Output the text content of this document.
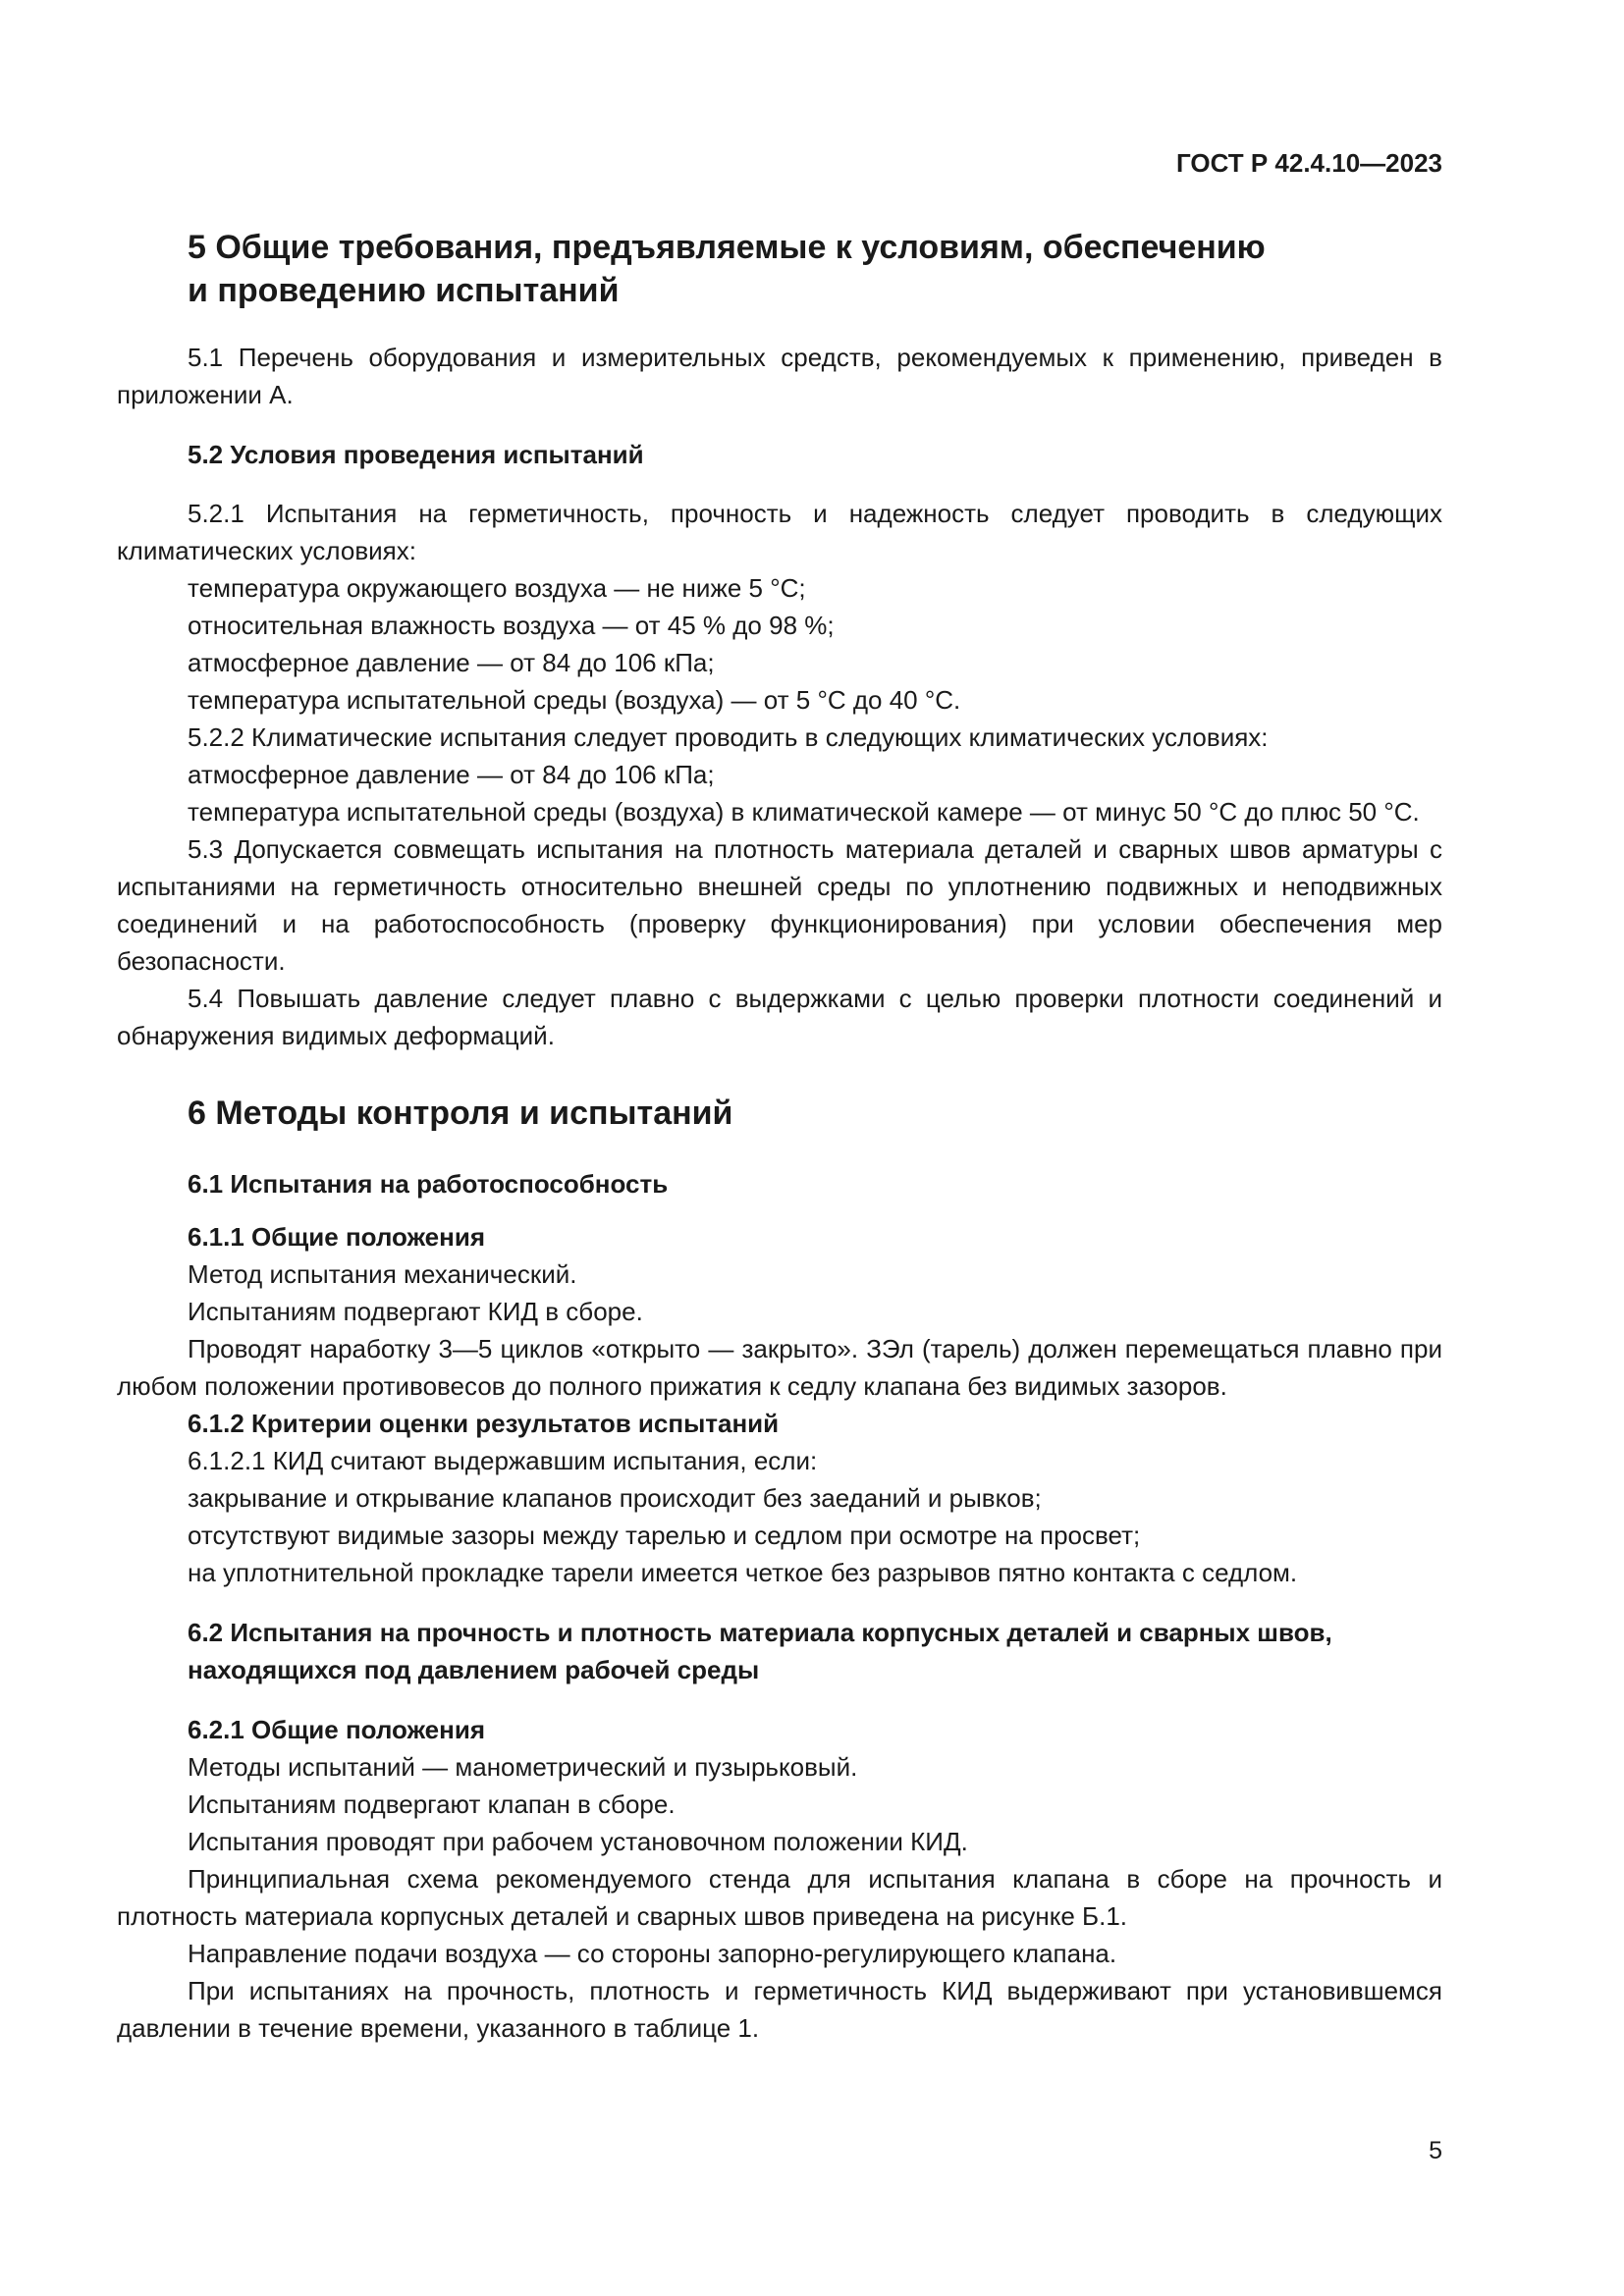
ГОСТ Р 42.4.10—2023
5 Общие требования, предъявляемые к условиям, обеспечению
и проведению испытаний

5.1 Перечень оборудования и измерительных средств, рекомендуемых к применению, приведен в приложении А.

5.2 Условия проведения испытаний

5.2.1 Испытания на герметичность, прочность и надежность следует проводить в следующих климатических условиях:

температура окружающего воздуха — не ниже 5 °С;

относительная влажность воздуха — от 45 % до 98 %;

атмосферное давление — от 84 до 106 кПа;

температура испытательной среды (воздуха) — от 5 °С до 40 °С.

5.2.2 Климатические испытания следует проводить в следующих климатических условиях:

атмосферное давление — от 84 до 106 кПа;

температура испытательной среды (воздуха) в климатической камере — от минус 50 °С до плюс 50 °С.

5.3 Допускается совмещать испытания на плотность материала деталей и сварных швов арматуры с испытаниями на герметичность относительно внешней среды по уплотнению подвижных и неподвижных соединений и на работоспособность (проверку функционирования) при условии обеспечения мер безопасности.

5.4 Повышать давление следует плавно с выдержками с целью проверки плотности соединений и обнаружения видимых деформаций.

6 Методы контроля и испытаний

6.1 Испытания на работоспособность

6.1.1 Общие положения

Метод испытания механический.

Испытаниям подвергают КИД в сборе.

Проводят наработку 3—5 циклов «открыто — закрыто». ЗЭл (тарель) должен перемещаться плавно при любом положении противовесов до полного прижатия к седлу клапана без видимых зазоров.

6.1.2 Критерии оценки результатов испытаний

6.1.2.1 КИД считают выдержавшим испытания, если:

закрывание и открывание клапанов происходит без заеданий и рывков;

отсутствуют видимые зазоры между тарелью и седлом при осмотре на просвет;

на уплотнительной прокладке тарели имеется четкое без разрывов пятно контакта с седлом.

6.2 Испытания на прочность и плотность материала корпусных деталей и сварных швов,
находящихся под давлением рабочей среды

6.2.1 Общие положения

Методы испытаний — манометрический и пузырьковый.

Испытаниям подвергают клапан в сборе.

Испытания проводят при рабочем установочном положении КИД.

Принципиальная схема рекомендуемого стенда для испытания клапана в сборе на прочность и плотность материала корпусных деталей и сварных швов приведена на рисунке Б.1.

Направление подачи воздуха — со стороны запорно-регулирующего клапана.

При испытаниях на прочность, плотность и герметичность КИД выдерживают при установившемся давлении в течение времени, указанного в таблице 1.

5
